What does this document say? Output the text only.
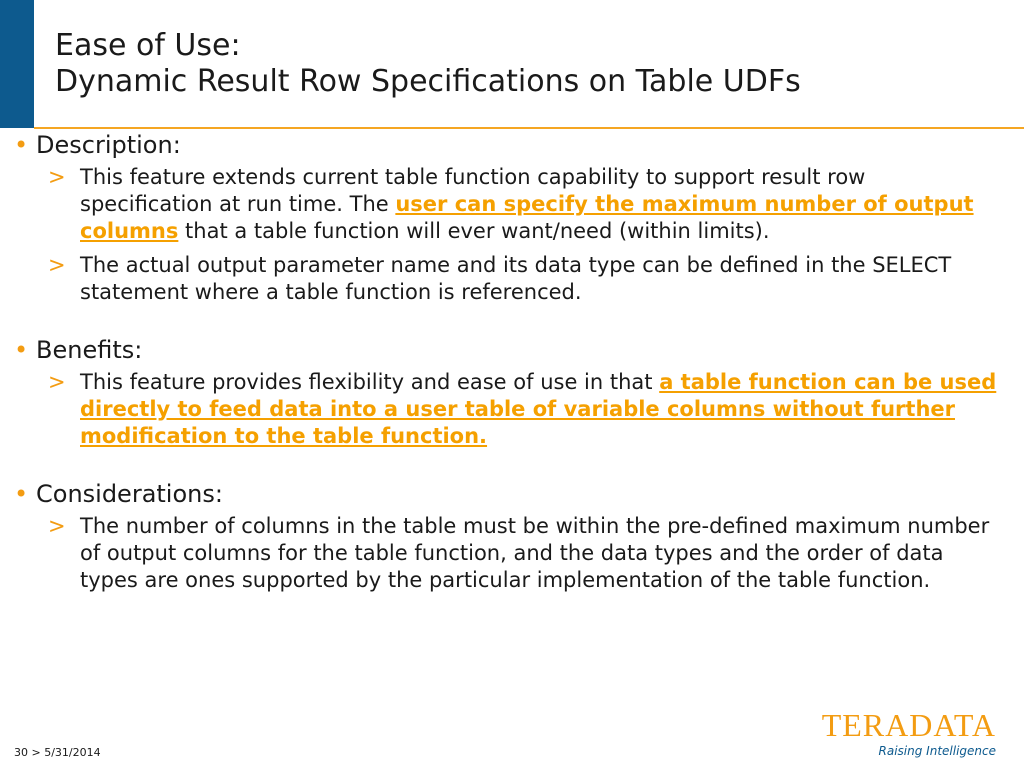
Ease of Use:
Dynamic Result Row Specifications on Table UDFs
• Description:
> This feature extends current table function capability to support result row specification at run time. The user can specify the maximum number of output columns that a table function will ever want/need (within limits).
> The actual output parameter name and its data type can be defined in the SELECT statement where a table function is referenced.
• Benefits:
> This feature provides flexibility and ease of use in that a table function can be used directly to feed data into a user table of variable columns without further modification to the table function.
• Considerations:
> The number of columns in the table must be within the pre-defined maximum number of output columns for the table function, and the data types and the order of data types are ones supported by the particular implementation of the table function.
30 > 5/31/2014
TERADATA
Raising Intelligence
